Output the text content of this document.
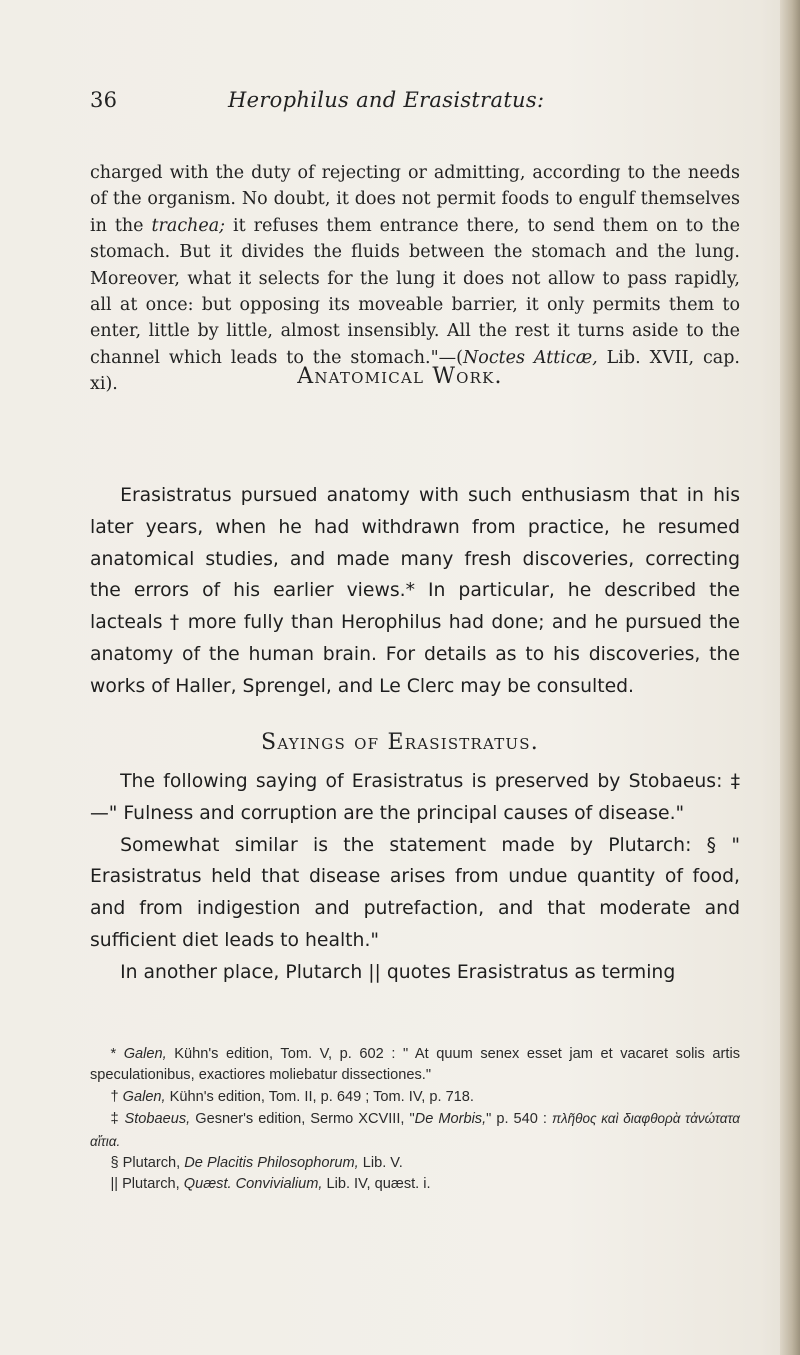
36	Herophilus and Erasistratus:

charged with the duty of rejecting or admitting, according to the needs of the organism. No doubt, it does not permit foods to engulf themselves in the trachea; it refuses them entrance there, to send them on to the stomach. But it divides the fluids between the stomach and the lung. Moreover, what it selects for the lung it does not allow to pass rapidly, all at once: but opposing its moveable barrier, it only permits them to enter, little by little, almost insensibly. All the rest it turns aside to the channel which leads to the stomach."—(Noctes Atticæ, Lib. XVII, cap. xi).	Anatomical Work.

Erasistratus pursued anatomy with such enthusiasm that in his later years, when he had withdrawn from practice, he resumed anatomical studies, and made many fresh discoveries, correcting the errors of his earlier views.* In particular, he described the lacteals † more fully than Herophilus had done; and he pursued the anatomy of the human brain. For details as to his discoveries, the works of Haller, Sprengel, and Le Clerc may be consulted.

Sayings of Erasistratus.

The following saying of Erasistratus is preserved by Stobaeus: ‡—" Fulness and corruption are the principal causes of disease."

Somewhat similar is the statement made by Plutarch: § " Erasistratus held that disease arises from undue quantity of food, and from indigestion and putrefaction, and that moderate and sufficient diet leads to health."

In another place, Plutarch || quotes Erasistratus as terming

* Galen, Kühn's edition, Tom. V, p. 602 : " At quum senex esset jam et vacaret solis artis speculationibus, exactiores moliebatur dissectiones."

† Galen, Kühn's edition, Tom. II, p. 649 ; Tom. IV, p. 718.

‡ Stobaeus, Gesner's edition, Sermo XCVIII, "De Morbis," p. 540 : πλῆθος καὶ διαφθορὰ τἀνώτατα αἴτια.

§ Plutarch, De Placitis Philosophorum, Lib. V.

|| Plutarch, Quæst. Convivialium, Lib. IV, quæst. i.
